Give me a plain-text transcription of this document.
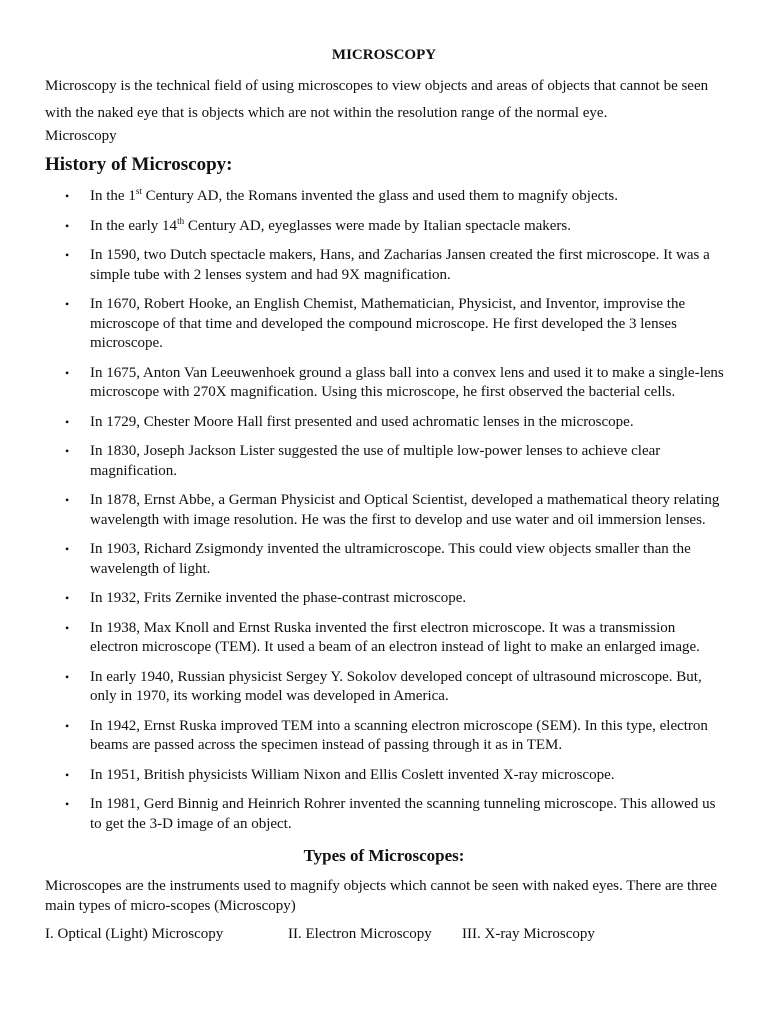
MICROSCOPY

Microscopy is the technical field of using microscopes to view objects and areas of objects that cannot be seen with the naked eye that is objects which are not within the resolution range of the normal eye.

Microscopy

History of Microscopy:
• In the 1st Century AD, the Romans invented the glass and used them to magnify objects.
• In the early 14th Century AD, eyeglasses were made by Italian spectacle makers.
• In 1590, two Dutch spectacle makers, Hans, and Zacharias Jansen created the first microscope. It was a simple tube with 2 lenses system and had 9X magnification.
• In 1670, Robert Hooke, an English Chemist, Mathematician, Physicist, and Inventor, improvise the microscope of that time and developed the compound microscope. He first developed the 3 lenses microscope.
• In 1675, Anton Van Leeuwenhoek ground a glass ball into a convex lens and used it to make a single-lens microscope with 270X magnification. Using this microscope, he first observed the bacterial cells.
• In 1729, Chester Moore Hall first presented and used achromatic lenses in the microscope.
• In 1830, Joseph Jackson Lister suggested the use of multiple low-power lenses to achieve clear magnification.
• In 1878, Ernst Abbe, a German Physicist and Optical Scientist, developed a mathematical theory relating wavelength with image resolution. He was the first to develop and use water and oil immersion lenses.
• In 1903, Richard Zsigmondy invented the ultramicroscope. This could view objects smaller than the wavelength of light.
• In 1932, Frits Zernike invented the phase-contrast microscope.
• In 1938, Max Knoll and Ernst Ruska invented the first electron microscope. It was a transmission electron microscope (TEM). It used a beam of an electron instead of light to make an enlarged image.
• In early 1940, Russian physicist Sergey Y. Sokolov developed concept of ultrasound microscope. But, only in 1970, its working model was developed in America.
• In 1942, Ernst Ruska improved TEM into a scanning electron microscope (SEM). In this type, electron beams are passed across the specimen instead of passing through it as in TEM.
• In 1951, British physicists William Nixon and Ellis Coslett invented X-ray microscope.
• In 1981, Gerd Binnig and Heinrich Rohrer invented the scanning tunneling microscope. This allowed us to get the 3-D image of an object.
Types of Microscopes:

Microscopes are the instruments used to magnify objects which cannot be seen with naked eyes. There are three main types of micro-scopes (Microscopy)

I. Optical (Light) Microscopy	II. Electron Microscopy III. X-ray Microscopy
